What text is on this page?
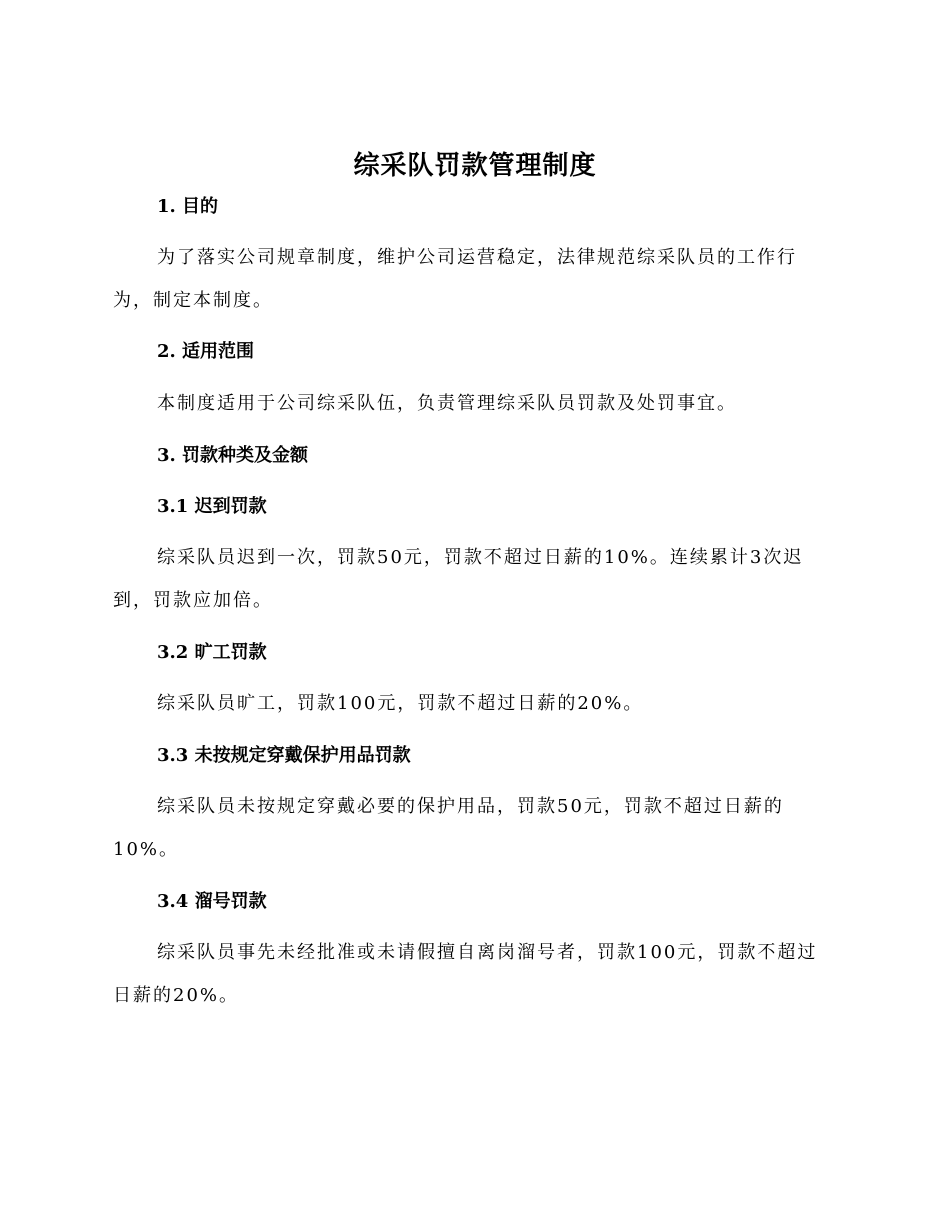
综采队罚款管理制度
1. 目的

为了落实公司规章制度，维护公司运营稳定，法律规范综采队员的工作行为，制定本制度。

2. 适用范围

本制度适用于公司综采队伍，负责管理综采队员罚款及处罚事宜。

3. 罚款种类及金额
3.1 迟到罚款

综采队员迟到一次，罚款50元，罚款不超过日薪的10%。连续累计3次迟到，罚款应加倍。

3.2 旷工罚款

综采队员旷工，罚款100元，罚款不超过日薪的20%。

3.3 未按规定穿戴保护用品罚款

综采队员未按规定穿戴必要的保护用品，罚款50元，罚款不超过日薪的10%。

3.4 溜号罚款

综采队员事先未经批准或未请假擅自离岗溜号者，罚款100元，罚款不超过日薪的20%。
